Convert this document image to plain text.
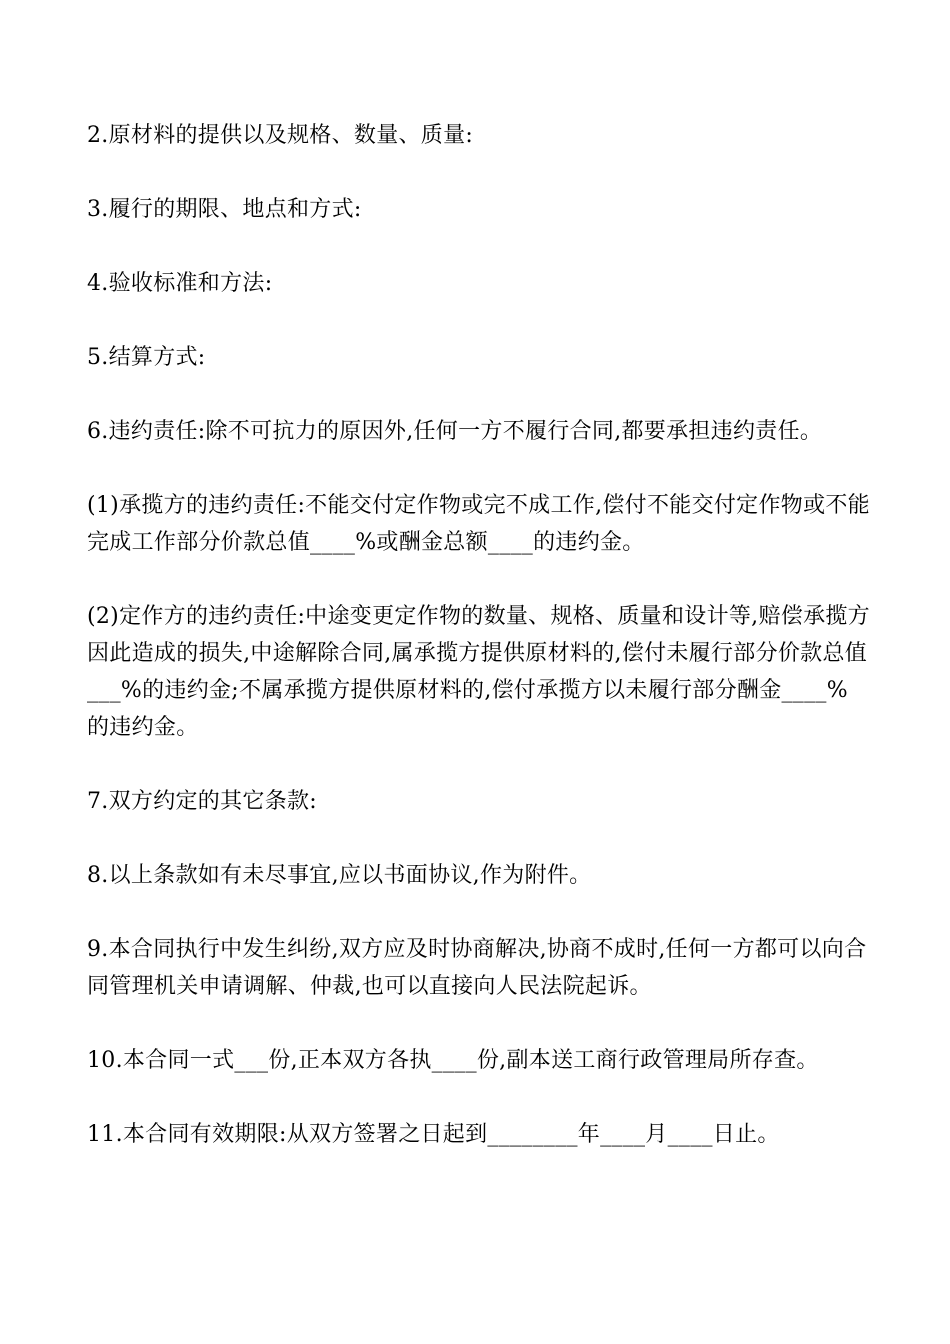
2.原材料的提供以及规格、数量、质量:

3.履行的期限、地点和方式:

4.验收标准和方法:

5.结算方式:

6.违约责任:除不可抗力的原因外,任何一方不履行合同,都要承担违约责任。

(1)承揽方的违约责任:不能交付定作物或完不成工作,偿付不能交付定作物或不能完成工作部分价款总值____%或酬金总额____的违约金。

(2)定作方的违约责任:中途变更定作物的数量、规格、质量和设计等,赔偿承揽方因此造成的损失,中途解除合同,属承揽方提供原材料的,偿付未履行部分价款总值___%的违约金;不属承揽方提供原材料的,偿付承揽方以未履行部分酬金____%的违约金。

7.双方约定的其它条款:

8.以上条款如有未尽事宜,应以书面协议,作为附件。

9.本合同执行中发生纠纷,双方应及时协商解决,协商不成时,任何一方都可以向合同管理机关申请调解、仲裁,也可以直接向人民法院起诉。

10.本合同一式___份,正本双方各执____份,副本送工商行政管理局所存查。

11.本合同有效期限:从双方签署之日起到________年____月____日止。
